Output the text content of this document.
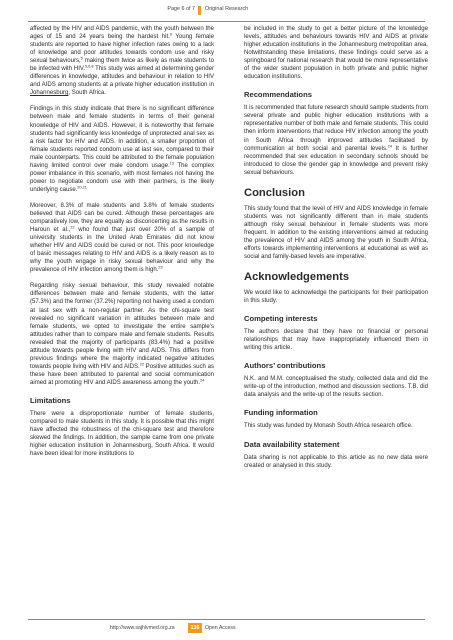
Page 6 of 7 Original Research

affected by the HIV and AIDS pandemic, with the youth between the ages of 15 and 24 years being the hardest hit.$^9$ Young female students are reported to have higher infection rates owing to a lack of knowledge and poor attitudes towards condom use and risky sexual behaviours,$^5$ making them twice as likely as male students to be infected with HIV.$^{5,6,8}$ This study was aimed at determining gender differences in knowledge, attitudes and behaviour in relation to HIV and AIDS among students at a private higher education institution in Johannesburg, South Africa.

Findings in this study indicate that there is no significant difference between male and female students in terms of their general knowledge of HIV and AIDS. However, it is noteworthy that female students had significantly less knowledge of unprotected anal sex as a risk factor for HIV and AIDS. In addition, a smaller proportion of female students reported condom use at last sex, compared to their male counterparts. This could be attributed to the female population having limited control over male condom usage.$^{13}$ The complex power imbalance in this scenario, with most females not having the power to negotiate condom use with their partners, is the likely underlying cause.$^{20,21}$

Moreover, 8.3% of male students and 3.8% of female students believed that AIDS can be cured. Although these percentages are comparatively low, they are equally as disconcerting as the results in Haroun et al.,$^{22}$ who found that just over 20% of a sample of university students in the United Arab Emirates did not know whether HIV and AIDS could be cured or not. This poor knowledge of basic messages relating to HIV and AIDS is a likely reason as to why the youth engage in risky sexual behaviour and why the prevalence of HIV infection among them is high.$^{23}$

Regarding risky sexual behaviour, this study revealed notable differences between male and female students, with the latter (57.3%) and the former (37.2%) reporting not having used a condom at last sex with a non-regular partner. As the chi-square test revealed no significant variation in attitudes between male and female students, we opted to investigate the entire sample’s attitudes rather than to compare male and female students. Results revealed that the majority of participants (83.4%) had a positive attitude towards people living with HIV and AIDS. This differs from previous findings where the majority indicated negative attitudes towards people living with HIV and AIDS.$^{22}$ Positive attitudes such as these have been attributed to parental and social communication aimed at promoting HIV and AIDS awareness among the youth.$^{24}$

Limitations

There were a disproportionate number of female students, compared to male students in this study. It is possible that this might have affected the robustness of the chi-square test and therefore skewed the findings. In addition, the sample came from one private higher education institution in Johannesburg, South Africa. It would have been ideal for more institutions to

be included in the study to get a better picture of the knowledge levels, attitudes and behaviours towards HIV and AIDS at private higher education institutions in the Johannesburg metropolitan area. Notwithstanding these limitations, these findings could serve as a springboard for national research that would be more representative of the wider student population in both private and public higher education institutions.

Recommendations

It is recommended that future research should sample students from several private and public higher education institutions with a representative number of both male and female students. This could then inform interventions that reduce HIV infection among the youth in South Africa through improved attitudes facilitated by communication at both social and parental levels.$^{24}$ It is further recommended that sex education in secondary schools should be introduced to close the gender gap in knowledge and prevent risky sexual behaviours.

Conclusion

This study found that the level of HIV and AIDS knowledge in female students was not significantly different than in male students although risky sexual behaviour in female students was more frequent. In addition to the existing interventions aimed at reducing the prevalence of HIV and AIDS among the youth in South Africa, efforts towards implementing interventions at educational as well as social and family-based levels are imperative.

Acknowledgements

We would like to acknowledge the participants for their participation in this study.

Competing interests

The authors declare that they have no financial or personal relationships that may have inappropriately influenced them in writing this article.

Authors’ contributions

N.K. and M.M. conceptualised the study, collected data and did the write-up of the introduction, method and discussion sections. T.B. did data analysis and the write-up of the results section.

Funding information

This study was funded by Monash South Africa research office.

Data availability statement

Data sharing is not applicable to this article as no new data were created or analysed in this study.

http://www.sajhivmed.org.za	136	Open Access
